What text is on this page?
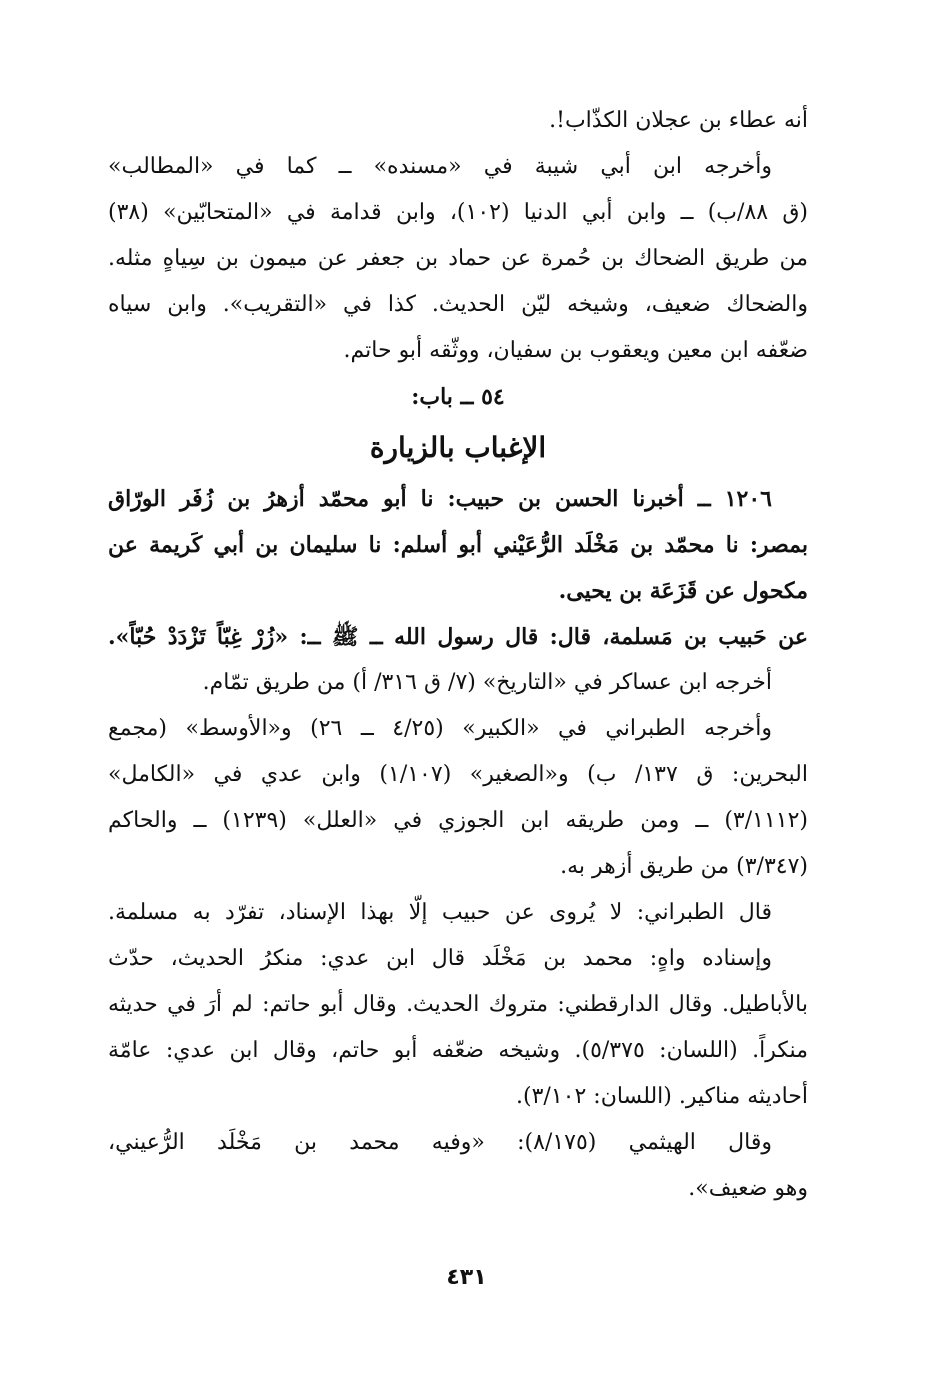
أنه عطاء بن عجلان الكذّاب!.
وأخرجه ابن أبي شيبة في «مسنده» ــ كما في «المطالب»
(ق ٨٨/ب) ــ وابن أبي الدنيا (١٠٢)، وابن قدامة في «المتحابّين» (٣٨)
من طريق الضحاك بن حُمرة عن حماد بن جعفر عن ميمون بن سِياهٍ مثله.
والضحاك ضعيف، وشيخه ليّن الحديث. كذا في «التقريب». وابن سياه
ضعّفه ابن معين ويعقوب بن سفيان، ووثّقه أبو حاتم.
٥٤ ــ باب:
الإغباب بالزيارة
١٢٠٦ ــ أخبرنا الحسن بن حبيب: نا أبو محمّد أزهرُ بن زُفَر الورّاق
بمصر: نا محمّد بن مَخْلَد الرُّعَيْني أبو أسلم: نا سليمان بن أبي كَريمة عن
مكحول عن قَزَعَة بن يحيى.
عن حَبيب بن مَسلمة، قال: قال رسول الله ــ ﷺ ــ: «زُرْ غِبّاً تَزْدَدْ حُبّاً».
أخرجه ابن عساكر في «التاريخ» (٧/ ق ٣١٦/ أ) من طريق تمّام.
وأخرجه الطبراني في «الكبير» (٤/٢٥ ــ ٢٦) و«الأوسط» (مجمع
البحرين: ق ١٣٧/ ب) و«الصغير» (١/١٠٧) وابن عدي في «الكامل»
(٣/١١١٢) ــ ومن طريقه ابن الجوزي في «العلل» (١٢٣٩) ــ والحاكم
(٣/٣٤٧) من طريق أزهر به.
قال الطبراني: لا يُروى عن حبيب إلّا بهذا الإسناد، تفرّد به مسلمة.
وإسناده واهٍ: محمد بن مَخْلَد قال ابن عدي: منكرُ الحديث، حدّث
بالأباطيل. وقال الدارقطني: متروك الحديث. وقال أبو حاتم: لم أرَ في حديثه
منكراً. (اللسان: ٥/٣٧٥). وشيخه ضعّفه أبو حاتم، وقال ابن عدي: عامّة
أحاديثه مناكير. (اللسان: ٣/١٠٢).
وقال الهيثمي (٨/١٧٥): «وفيه محمد بن مَخْلَد الرُّعيني،
وهو ضعيف».
٤٣١
